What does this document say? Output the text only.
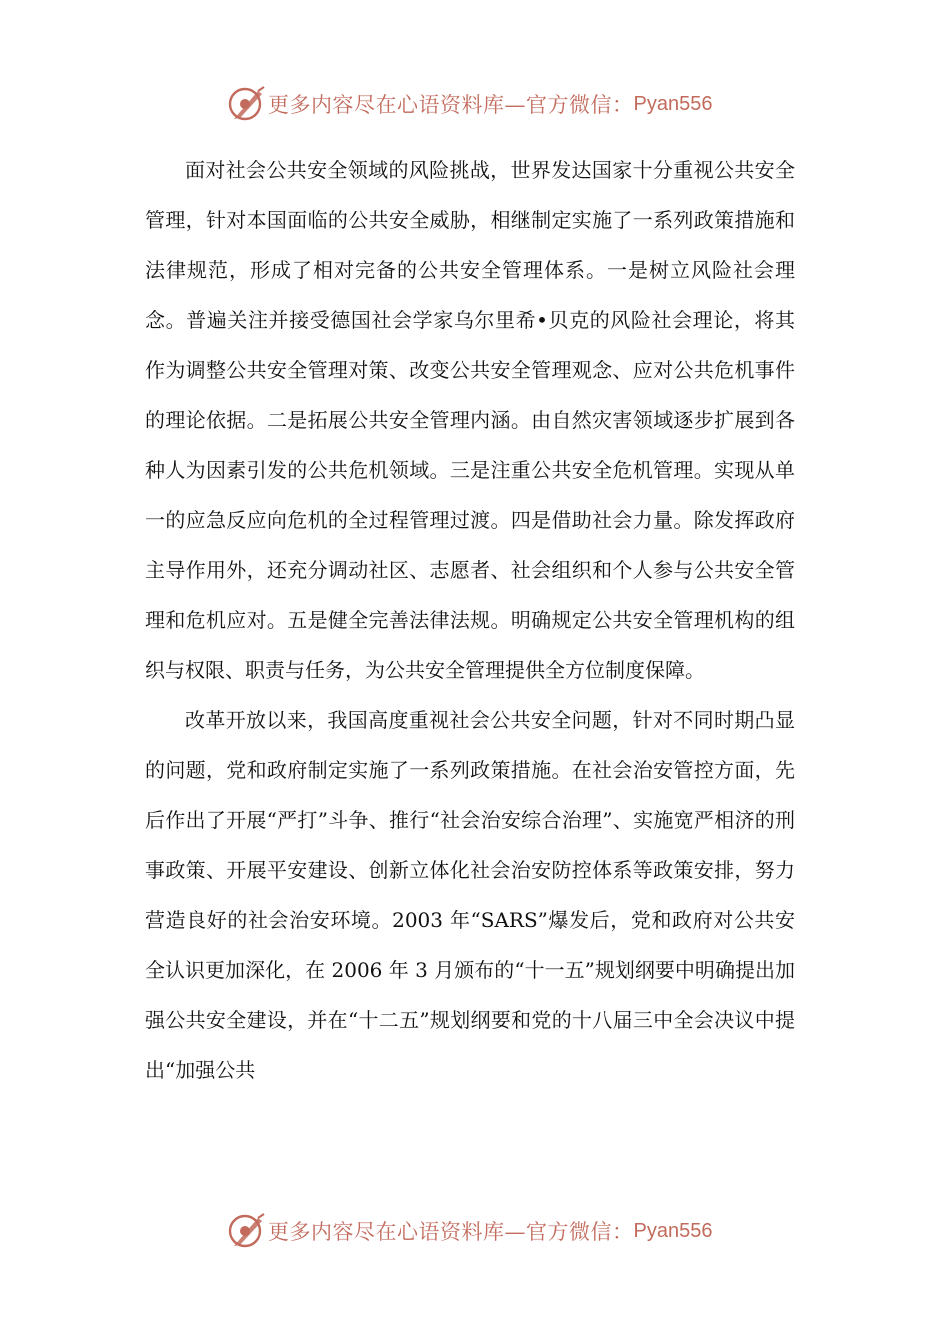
更多内容尽在心语资料库—官方微信： Pyan556

面对社会公共安全领域的风险挑战，世界发达国家十分重视公共安全管理，针对本国面临的公共安全威胁，相继制定实施了一系列政策措施和法律规范，形成了相对完备的公共安全管理体系。一是树立风险社会理念。普遍关注并接受德国社会学家乌尔里希•贝克的风险社会理论，将其作为调整公共安全管理对策、改变公共安全管理观念、应对公共危机事件的理论依据。二是拓展公共安全管理内涵。由自然灾害领域逐步扩展到各种人为因素引发的公共危机领域。三是注重公共安全危机管理。实现从单一的应急反应向危机的全过程管理过渡。四是借助社会力量。除发挥政府主导作用外，还充分调动社区、志愿者、社会组织和个人参与公共安全管理和危机应对。五是健全完善法律法规。明确规定公共安全管理机构的组织与权限、职责与任务，为公共安全管理提供全方位制度保障。

改革开放以来，我国高度重视社会公共安全问题，针对不同时期凸显的问题，党和政府制定实施了一系列政策措施。在社会治安管控方面，先后作出了开展“严打”斗争、推行“社会治安综合治理”、实施宽严相济的刑事政策、开展平安建设、创新立体化社会治安防控体系等政策安排，努力营造良好的社会治安环境。2003 年“SARS”爆发后，党和政府对公共安全认识更加深化，在 2006 年 3 月颁布的“十一五”规划纲要中明确提出加强公共安全建设，并在“十二五”规划纲要和党的十八届三中全会决议中提出“加强公共

更多内容尽在心语资料库—官方微信： Pyan556
